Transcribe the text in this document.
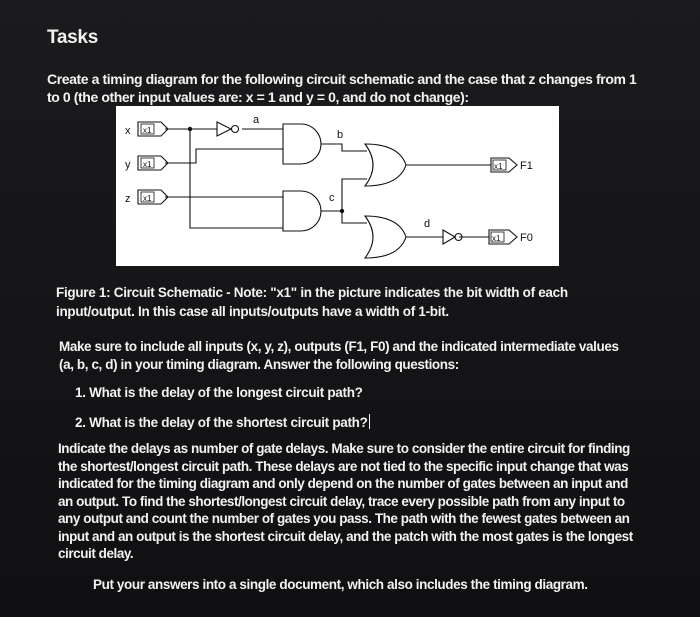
Tasks
Create a timing diagram for the following circuit schematic and the case that z changes from 1 to 0 (the other input values are: x = 1 and y = 0, and do not change):
x x1
y x1
z x1
a
b
c
d
x1 F1
x1 F0
Figure 1: Circuit Schematic - Note: "x1" in the picture indicates the bit width of each input/output. In this case all inputs/outputs have a width of 1-bit.
Make sure to include all inputs (x, y, z), outputs (F1, F0) and the indicated intermediate values (a, b, c, d) in your timing diagram. Answer the following questions:
1. What is the delay of the longest circuit path?
2. What is the delay of the shortest circuit path?
Indicate the delays as number of gate delays. Make sure to consider the entire circuit for finding the shortest/longest circuit path. These delays are not tied to the specific input change that was indicated for the timing diagram and only depend on the number of gates between an input and an output. To find the shortest/longest circuit delay, trace every possible path from any input to any output and count the number of gates you pass. The path with the fewest gates between an input and an output is the shortest circuit delay, and the patch with the most gates is the longest circuit delay.
Put your answers into a single document, which also includes the timing diagram.
